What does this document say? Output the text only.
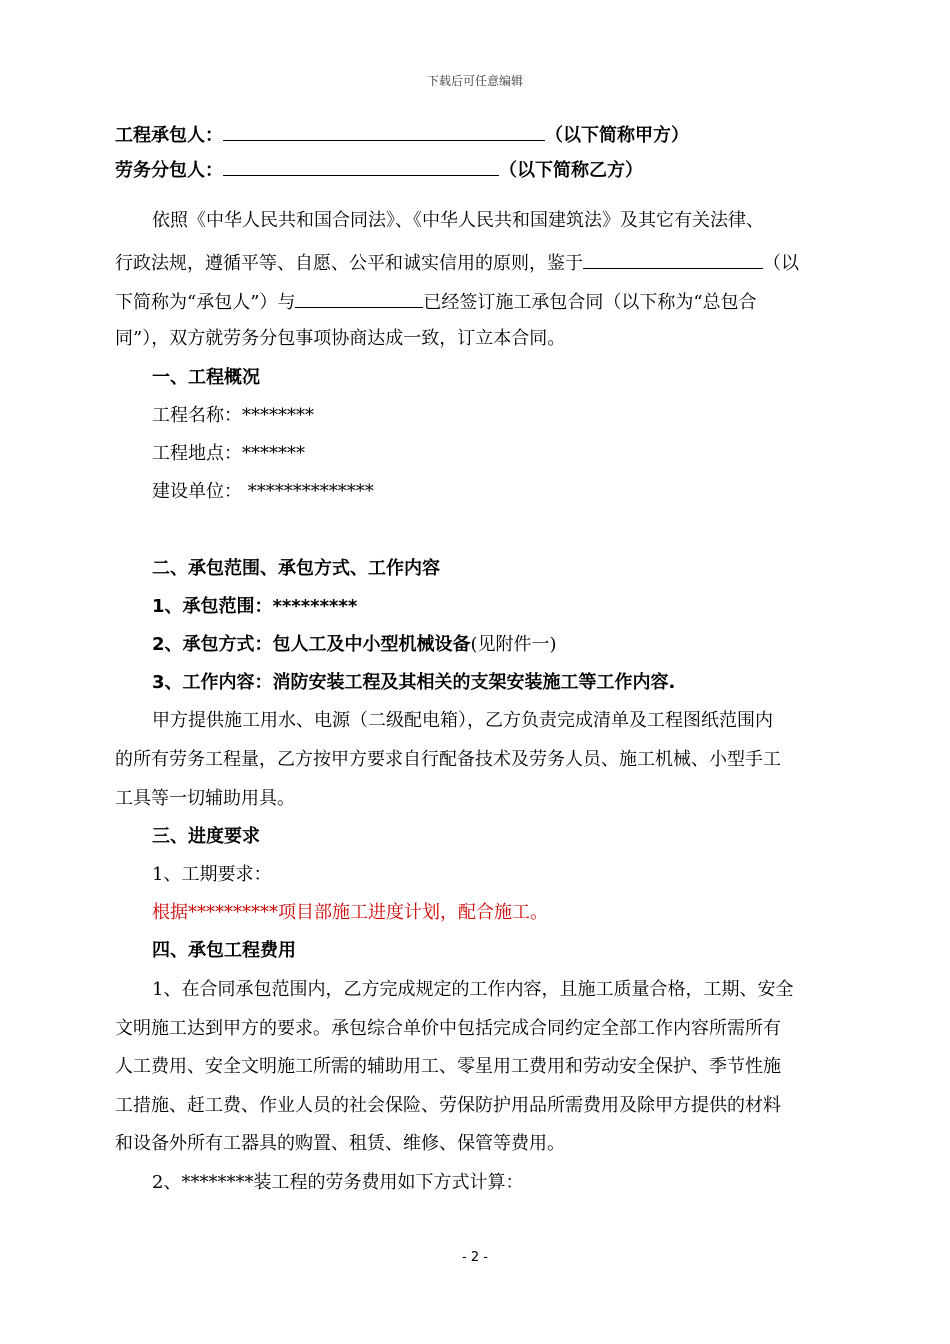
下载后可任意编辑
工程承包人：	（以下简称甲方）
劳务分包人：	（以下简称乙方）
依照《中华人民共和国合同法》、《中华人民共和国建筑法》及其它有关法律、
行政法规，遵循平等、自愿、公平和诚实信用的原则，鉴于	（以
下简称为“承包人”）与	已经签订施工承包合同（以下称为“总包合
同”），双方就劳务分包事项协商达成一致，订立本合同。
一、工程概况
工程名称：********
工程地点：*******
建设单位： **************
二、承包范围、承包方式、工作内容
1、承包范围：*********
2、承包方式：包人工及中小型机械设备(见附件一)
3、工作内容：消防安装工程及其相关的支架安装施工等工作内容.
甲方提供施工用水、电源（二级配电箱），乙方负责完成清单及工程图纸范围内
的所有劳务工程量，乙方按甲方要求自行配备技术及劳务人员、施工机械、小型手工
工具等一切辅助用具。
三、进度要求
1、工期要求：
根据**********项目部施工进度计划，配合施工。
四、承包工程费用
1、在合同承包范围内，乙方完成规定的工作内容，且施工质量合格，工期、安全
文明施工达到甲方的要求。承包综合单价中包括完成合同约定全部工作内容所需所有
人工费用、安全文明施工所需的辅助用工、零星用工费用和劳动安全保护、季节性施
工措施、赶工费、作业人员的社会保险、劳保防护用品所需费用及除甲方提供的材料
和设备外所有工器具的购置、租赁、维修、保管等费用。
2、********装工程的劳务费用如下方式计算：
- 2 -
